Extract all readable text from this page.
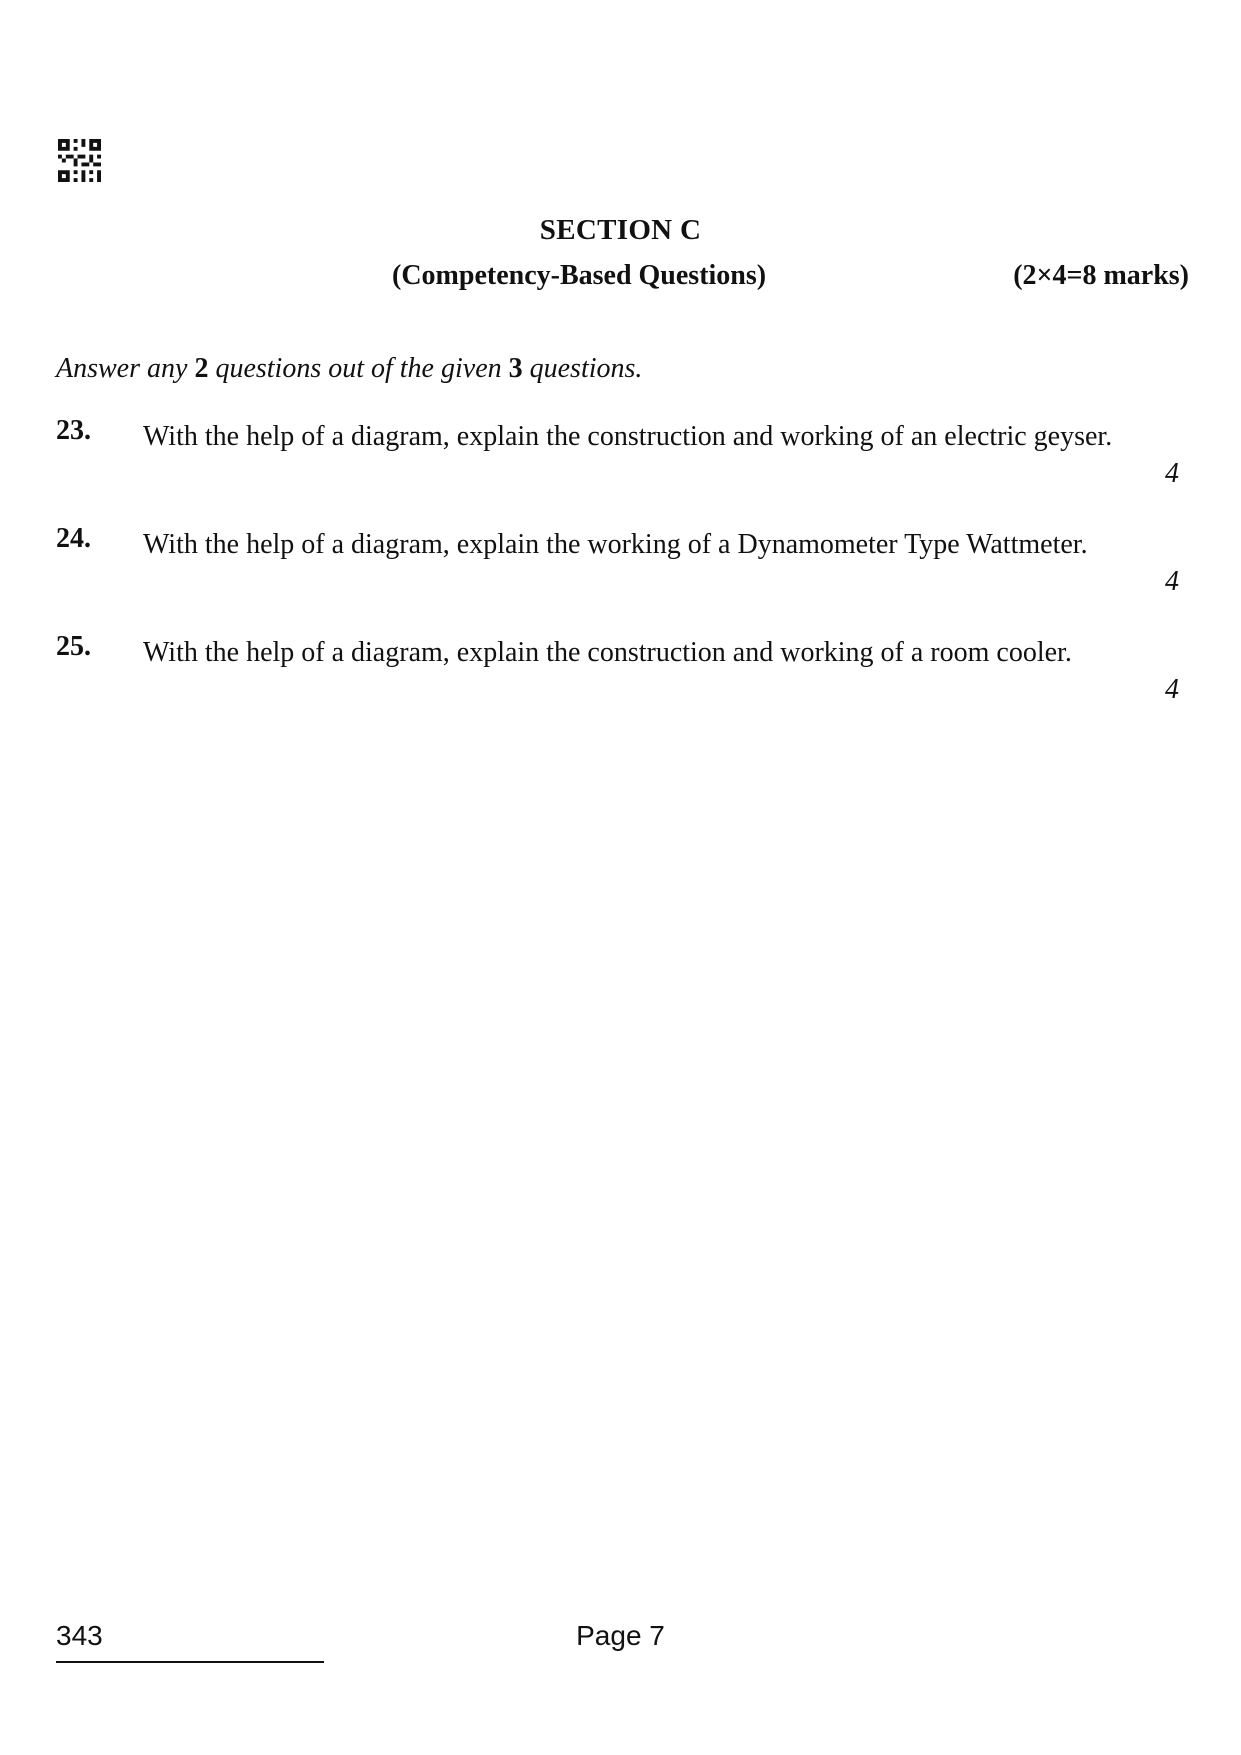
SECTION C
(Competency-Based Questions)	(2×4=8 marks)
Answer any 2 questions out of the given 3 questions.
23. With the help of a diagram, explain the construction and working of an electric geyser.
4
24. With the help of a diagram, explain the working of a Dynamometer Type Wattmeter.
4
25. With the help of a diagram, explain the construction and working of a room cooler.
4
343	Page 7
